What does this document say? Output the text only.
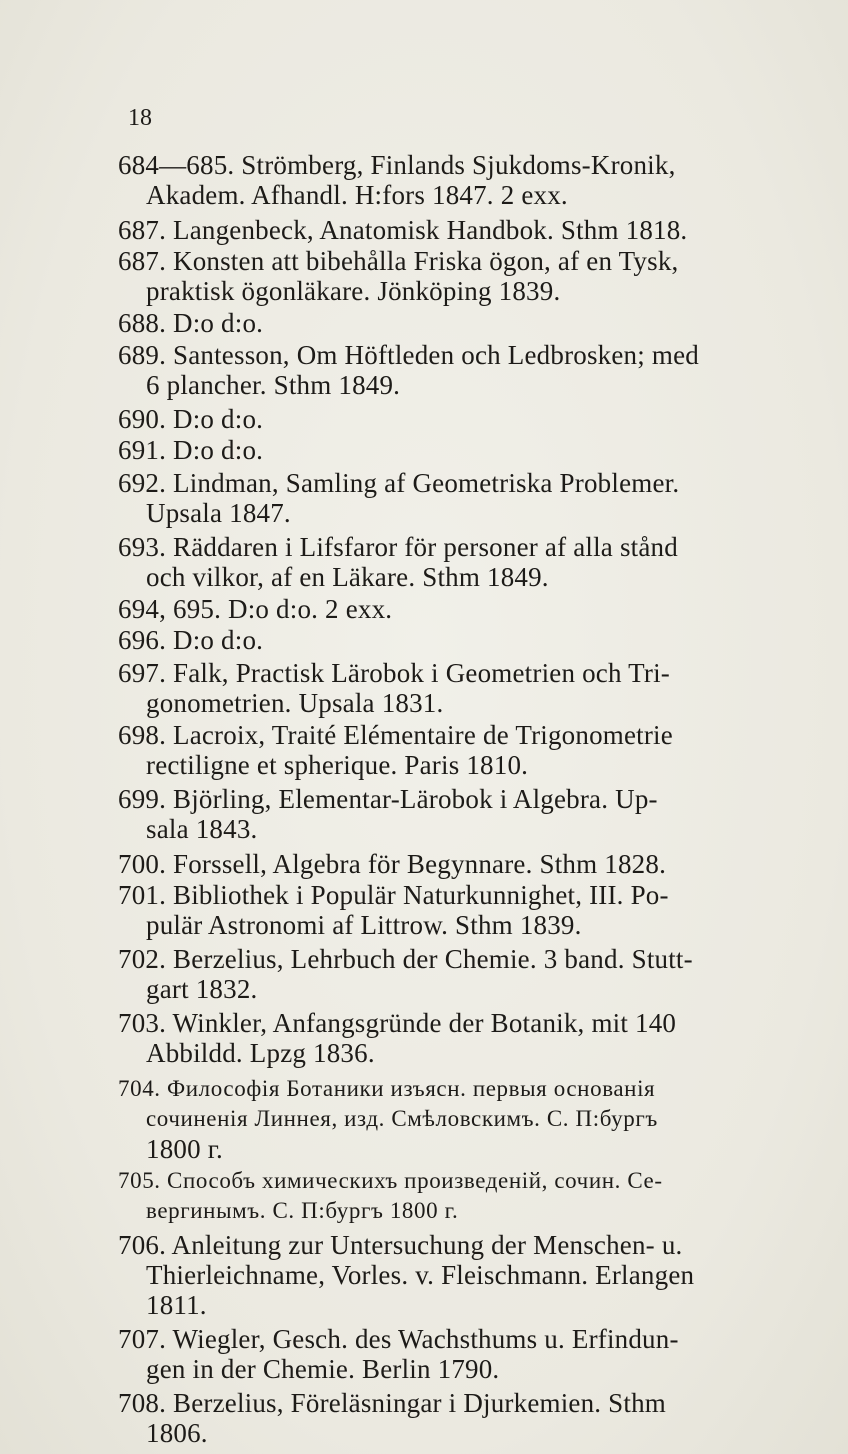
18
684—685. Strömberg, Finlands Sjukdoms-Kronik,
Akadem. Afhandl. H:fors 1847. 2 exx.
687. Langenbeck, Anatomisk Handbok. Sthm 1818.
687. Konsten att bibehålla Friska ögon, af en Tysk,
praktisk ögonläkare. Jönköping 1839.
688. D:o d:o.
689. Santesson, Om Höftleden och Ledbrosken; med
6 plancher. Sthm 1849.
690. D:o d:o.
691. D:o d:o.
692. Lindman, Samling af Geometriska Problemer.
Upsala 1847.
693. Räddaren i Lifsfaror för personer af alla stånd
och vilkor, af en Läkare. Sthm 1849.
694, 695. D:o d:o. 2 exx.
696. D:o d:o.
697. Falk, Practisk Lärobok i Geometrien och Tri-
gonometrien. Upsala 1831.
698. Lacroix, Traité Elémentaire de Trigonometrie
rectiligne et spherique. Paris 1810.
699. Björling, Elementar-Lärobok i Algebra. Up-
sala 1843.
700. Forssell, Algebra för Begynnare. Sthm 1828.
701. Bibliothek i Populär Naturkunnighet, III. Po-
pulär Astronomi af Littrow. Sthm 1839.
702. Berzelius, Lehrbuch der Chemie. 3 band. Stutt-
gart 1832.
703. Winkler, Anfangsgründe der Botanik, mit 140
Abbildd. Lpzg 1836.
704. Философія Ботаники изъясн. первыя основанія
сочиненія Линнея, изд. Смѣловскимъ. С. П:бургъ
1800 г.
705. Способъ химическихъ произведеній, сочин. Се-
вергинымъ. С. П:бургъ 1800 г.
706. Anleitung zur Untersuchung der Menschen- u.
Thierleichname, Vorles. v. Fleischmann. Erlangen
1811.
707. Wiegler, Gesch. des Wachsthums u. Erfindun-
gen in der Chemie. Berlin 1790.
708. Berzelius, Föreläsningar i Djurkemien. Sthm
1806.
